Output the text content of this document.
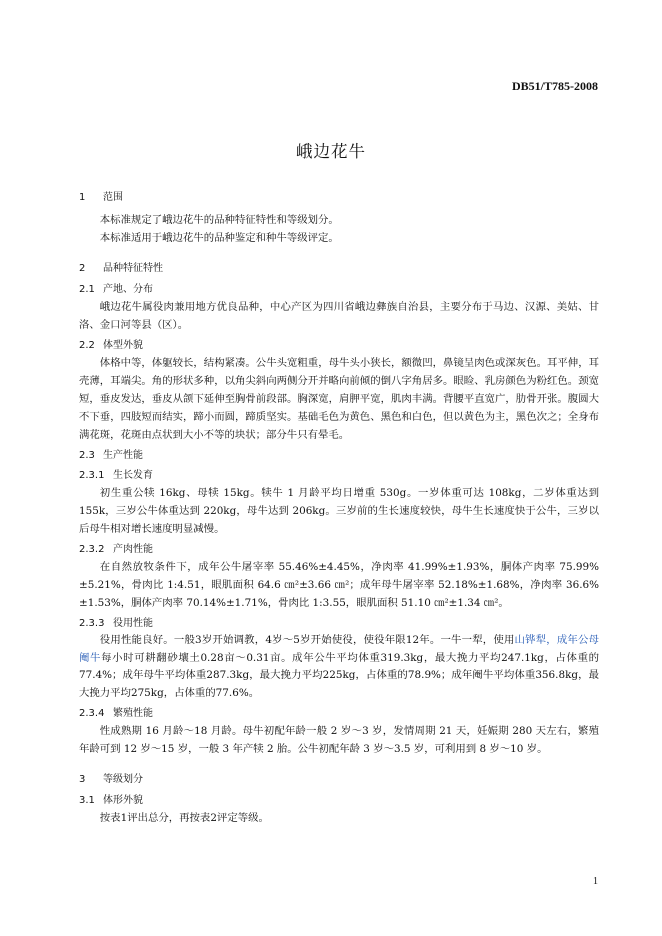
DB51/T785-2008
峨边花牛
1 范围

本标准规定了峨边花牛的品种特征特性和等级划分。

本标准适用于峨边花牛的品种鉴定和种牛等级评定。

2 品种特征特性
2.1 产地、分布

峨边花牛属役肉兼用地方优良品种，中心产区为四川省峨边彝族自治县，主要分布于马边、汉源、美姑、甘洛、金口河等县（区）。

2.2 体型外貌

体格中等，体躯较长，结构紧凑。公牛头宽粗重，母牛头小狭长，额微凹，鼻镜呈肉色或深灰色。耳平伸，耳壳薄，耳端尖。角的形状多种，以角尖斜向两侧分开并略向前倾的倒八字角居多。眼睑、乳房颜色为粉红色。颈宽短，垂皮发达，垂皮从颌下延伸至胸骨前段部。胸深宽，肩胛平宽，肌肉丰满。背腰平直宽广，肋骨开张。腹圆大不下垂，四肢短而结实，蹄小而圆，蹄质坚实。基础毛色为黄色、黑色和白色，但以黄色为主，黑色次之；全身布满花斑，花斑由点状到大小不等的块状；部分牛只有晕毛。

2.3 生产性能
2.3.1 生长发育

初生重公犊 16kg、母犊 15kg。犊牛 1 月龄平均日增重 530g。一岁体重可达 108kg，二岁体重达到 155k，三岁公牛体重达到 220kg，母牛达到 206kg。三岁前的生长速度较快，母牛生长速度快于公牛，三岁以后母牛相对增长速度明显减慢。

2.3.2 产肉性能

在自然放牧条件下，成年公牛屠宰率 55.46%±4.45%，净肉率 41.99%±1.93%，胴体产肉率 75.99%±5.21%，骨肉比 1:4.51，眼肌面积 64.6 ㎝²±3.66 ㎝²；成年母牛屠宰率 52.18%±1.68%，净肉率 36.6%±1.53%，胴体产肉率 70.14%±1.71%，骨肉比 1:3.55，眼肌面积 51.10 ㎝²±1.34 ㎝²。

2.3.3 役用性能

役用性能良好。一般3岁开始调教，4岁～5岁开始使役，使役年限12年。一牛一犁，使用山铧犁，成年公母阉牛每小时可耕翻砂壤土0.28亩～0.31亩。成年公牛平均体重319.3kg，最大挽力平均247.1kg，占体重的77.4%；成年母牛平均体重287.3kg，最大挽力平均225kg，占体重的78.9%；成年阉牛平均体重356.8kg，最大挽力平均275kg，占体重的77.6%。

2.3.4 繁殖性能

性成熟期 16 月龄～18 月龄。母牛初配年龄一般 2 岁～3 岁，发情周期 21 天，妊娠期 280 天左右，繁殖年龄可到 12 岁～15 岁，一般 3 年产犊 2 胎。公牛初配年龄 3 岁～3.5 岁，可利用到 8 岁～10 岁。

3 等级划分
3.1 体形外貌

按表1评出总分，再按表2评定等级。

1
